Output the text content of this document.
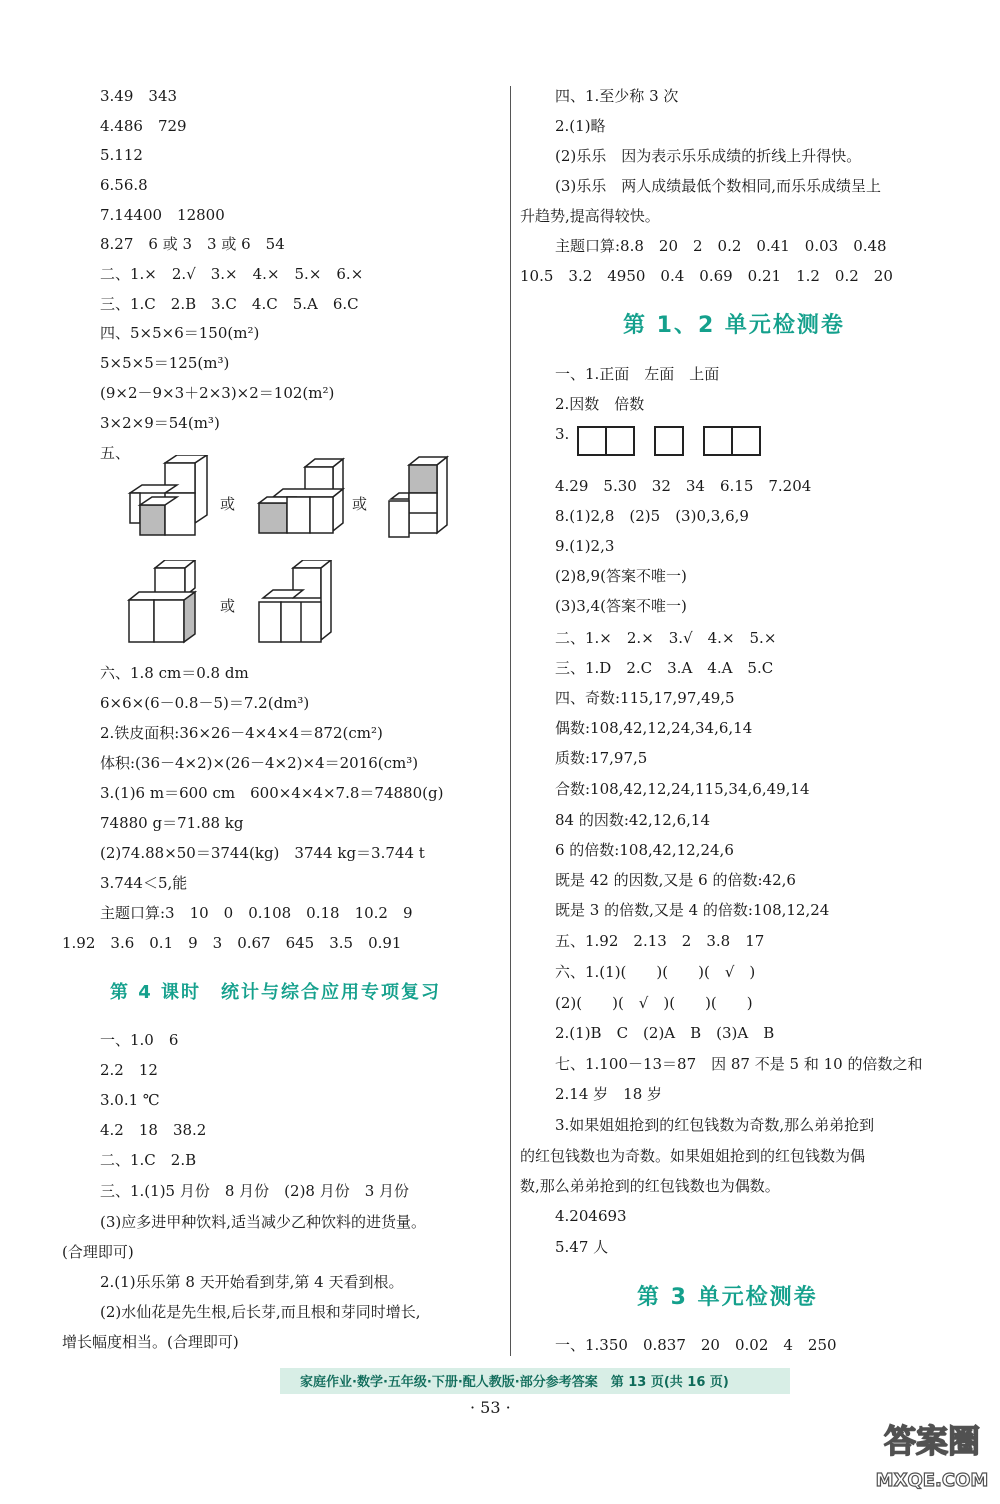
3.49　343
4.486　729
5.112
6.56.8
7.14400　12800
8.27　6 或 3　3 或 6　54
二、1.×　2.√　3.×　4.×　5.×　6.×
三、1.C　2.B　3.C　4.C　5.A　6.C
四、5×5×6＝150(m²)
5×5×5＝125(m³)
(9×2－9×3＋2×3)×2＝102(m²)
3×2×9＝54(m³)
五、
或	或
或
六、1.8 cm＝0.8 dm
6×6×(6－0.8－5)＝7.2(dm³)
2.铁皮面积:36×26－4×4×4＝872(cm²)
体积:(36－4×2)×(26－4×2)×4＝2016(cm³)
3.(1)6 m＝600 cm　600×4×4×7.8＝74880(g)
74880 g＝71.88 kg
(2)74.88×50＝3744(kg)　3744 kg＝3.744 t
3.744＜5,能
主题口算:3　10　0　0.108　0.18　10.2　9
1.92　3.6　0.1　9　3　0.67　645　3.5　0.91
第 4 课时　统计与综合应用专项复习
一、1.0　6
2.2　12
3.0.1 ℃
4.2　18　38.2
二、1.C　2.B
三、1.(1)5 月份　8 月份　(2)8 月份　3 月份
(3)应多进甲种饮料,适当减少乙种饮料的进货量。
(合理即可)
2.(1)乐乐第 8 天开始看到芽,第 4 天看到根。
(2)水仙花是先生根,后长芽,而且根和芽同时增长,
增长幅度相当。(合理即可)
四、1.至少称 3 次
2.(1)略
(2)乐乐　因为表示乐乐成绩的折线上升得快。
(3)乐乐　两人成绩最低个数相同,而乐乐成绩呈上
升趋势,提高得较快。
主题口算:8.8　20　2　0.2　0.41　0.03　0.48
10.5　3.2　4950　0.4　0.69　0.21　1.2　0.2　20
第 1、2 单元检测卷
一、1.正面　左面　上面
2.因数　倍数
3.

4.29　5.30　32　34　6.15　7.204
8.(1)2,8　(2)5　(3)0,3,6,9
9.(1)2,3
(2)8,9(答案不唯一)
(3)3,4(答案不唯一)
二、1.×　2.×　3.√　4.×　5.×
三、1.D　2.C　3.A　4.A　5.C
四、奇数:115,17,97,49,5
偶数:108,42,12,24,34,6,14
质数:17,97,5
合数:108,42,12,24,115,34,6,49,14
84 的因数:42,12,6,14
6 的倍数:108,42,12,24,6
既是 42 的因数,又是 6 的倍数:42,6
既是 3 的倍数,又是 4 的倍数:108,12,24
五、1.92　2.13　2　3.8　17
六、1.(1)(　　)(　　)(　√　)
(2)(　　)(　√　)(　　)(　　)
2.(1)B　C　(2)A　B　(3)A　B
七、1.100－13＝87　因 87 不是 5 和 10 的倍数之和
2.14 岁　18 岁
3.如果姐姐抢到的红包钱数为奇数,那么弟弟抢到
的红包钱数也为奇数。如果姐姐抢到的红包钱数为偶
数,那么弟弟抢到的红包钱数也为偶数。
4.204693
5.47 人
第 3 单元检测卷
一、1.350　0.837　20　0.02　4　250
家庭作业·数学·五年级·下册·配人教版·部分参考答案　第 13 页(共 16 页)
· 53 ·
答案圈
MXQE.COM
